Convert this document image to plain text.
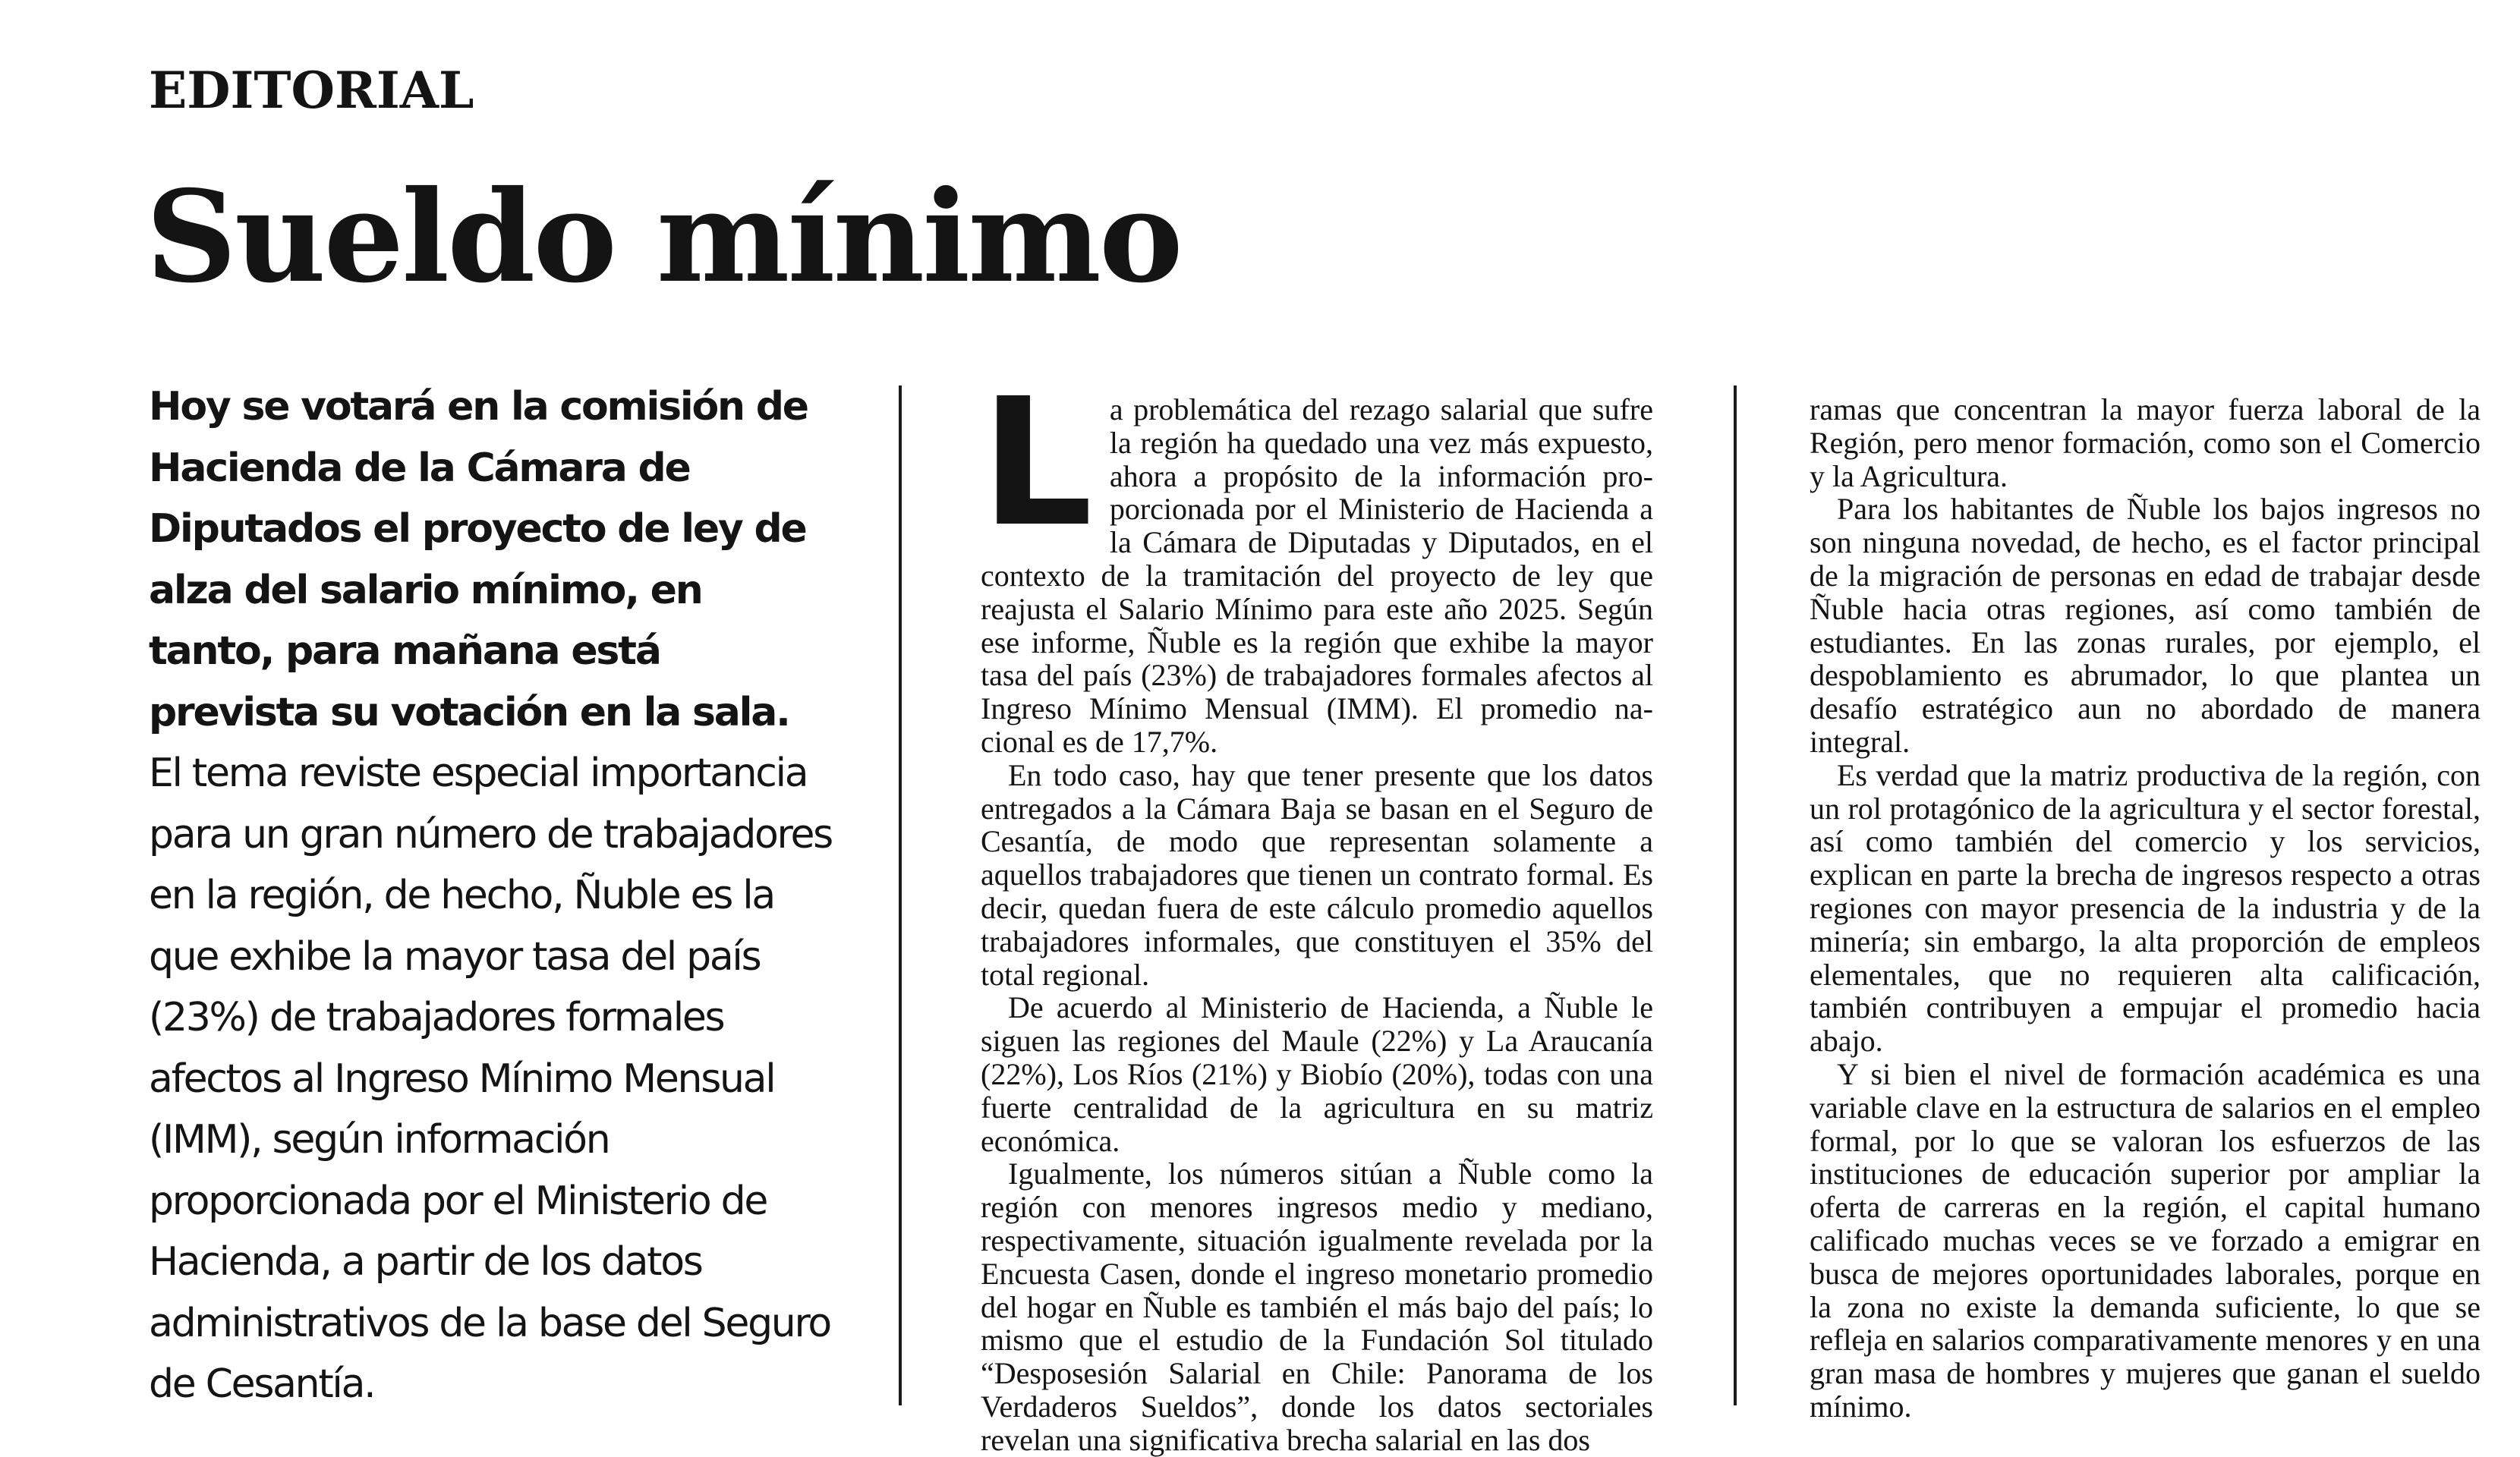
EDITORIAL
Sueldo mínimo

Hoy se votará en la comisión de Hacienda de la Cámara de Diputados el proyecto de ley de alza del salario mínimo, en tanto, para mañana está prevista su votación en la sala. El tema reviste especial importancia para un gran número de trabajadores en la región, de hecho, Ñuble es la que exhibe la mayor tasa del país (23%) de trabajadores formales afectos al Ingreso Mínimo Mensual (IMM), según información proporcionada por el Ministerio de Hacienda, a partir de los datos administrativos de la base del Seguro de Cesantía.

La problemática del rezago salarial que sufre la región ha quedado una vez más expuesto, ahora a propósito de la información proporcionada por el Ministerio de Hacienda a la Cámara de Diputadas y Diputados, en el contexto de la tramitación del proyecto de ley que reajusta el Salario Mínimo para este año 2025. Según ese informe, Ñuble es la región que exhibe la mayor tasa del país (23%) de trabajadores formales afectos al Ingreso Mínimo Mensual (IMM). El promedio nacional es de 17,7%.

En todo caso, hay que tener presente que los datos entregados a la Cámara Baja se basan en el Seguro de Cesantía, de modo que representan solamente a aquellos trabajadores que tienen un contrato formal. Es decir, quedan fuera de este cálculo promedio aquellos trabajadores informales, que constituyen el 35% del total regional.

De acuerdo al Ministerio de Hacienda, a Ñuble le siguen las regiones del Maule (22%) y La Araucanía (22%), Los Ríos (21%) y Biobío (20%), todas con una fuerte centralidad de la agricultura en su matriz económica.

Igualmente, los números sitúan a Ñuble como la región con menores ingresos medio y mediano, respectivamente, situación igualmente revelada por la Encuesta Casen, donde el ingreso monetario promedio del hogar en Ñuble es también el más bajo del país; lo mismo que el estudio de la Fundación Sol titulado “Desposesión Salarial en Chile: Panorama de los Verdaderos Sueldos”, donde los datos sectoriales revelan una significativa brecha salarial en las dos

ramas que concentran la mayor fuerza laboral de la Región, pero menor formación, como son el Comercio y la Agricultura.

Para los habitantes de Ñuble los bajos ingresos no son ninguna novedad, de hecho, es el factor principal de la migración de personas en edad de trabajar desde Ñuble hacia otras regiones, así como también de estudiantes. En las zonas rurales, por ejemplo, el despoblamiento es abrumador, lo que plantea un desafío estratégico aun no abordado de manera integral.

Es verdad que la matriz productiva de la región, con un rol protagónico de la agricultura y el sector forestal, así como también del comercio y los servicios, explican en parte la brecha de ingresos respecto a otras regiones con mayor presencia de la industria y de la minería; sin embargo, la alta proporción de empleos elementales, que no requieren alta calificación, también contribuyen a empujar el promedio hacia abajo.

Y si bien el nivel de formación académica es una variable clave en la estructura de salarios en el empleo formal, por lo que se valoran los esfuerzos de las instituciones de educación superior por ampliar la oferta de carreras en la región, el capital humano calificado muchas veces se ve forzado a emigrar en busca de mejores oportunidades laborales, porque en la zona no existe la demanda suficiente, lo que se refleja en salarios comparativamente menores y en una gran masa de hombres y mujeres que ganan el sueldo mínimo.
